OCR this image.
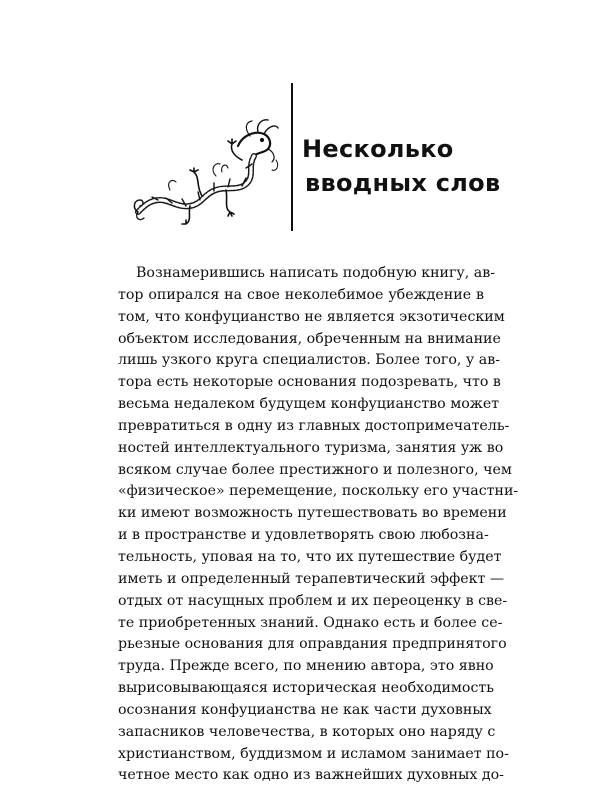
Несколько
вводных слов
Вознамерившись написать подобную книгу, ав-
тор опирался на свое неколебимое убеждение в
том, что конфуцианство не является экзотическим
объектом исследования, обреченным на внимание
лишь узкого круга специалистов. Более того, у ав-
тора есть некоторые основания подозревать, что в
весьма недалеком будущем конфуцианство может
превратиться в одну из главных достопримечатель-
ностей интеллектуального туризма, занятия уж во
всяком случае более престижного и полезного, чем
«физическое» перемещение, поскольку его участни-
ки имеют возможность путешествовать во времени
и в пространстве и удовлетворять свою любозна-
тельность, уповая на то, что их путешествие будет
иметь и определенный терапевтический эффект —
отдых от насущных проблем и их переоценку в све-
те приобретенных знаний. Однако есть и более се-
рьезные основания для оправдания предпринятого
труда. Прежде всего, по мнению автора, это явно
вырисовывающаяся историческая необходимость
осознания конфуцианства не как части духовных
запасников человечества, в которых оно наряду с
христианством, буддизмом и исламом занимает по-
четное место как одно из важнейших духовных до-
